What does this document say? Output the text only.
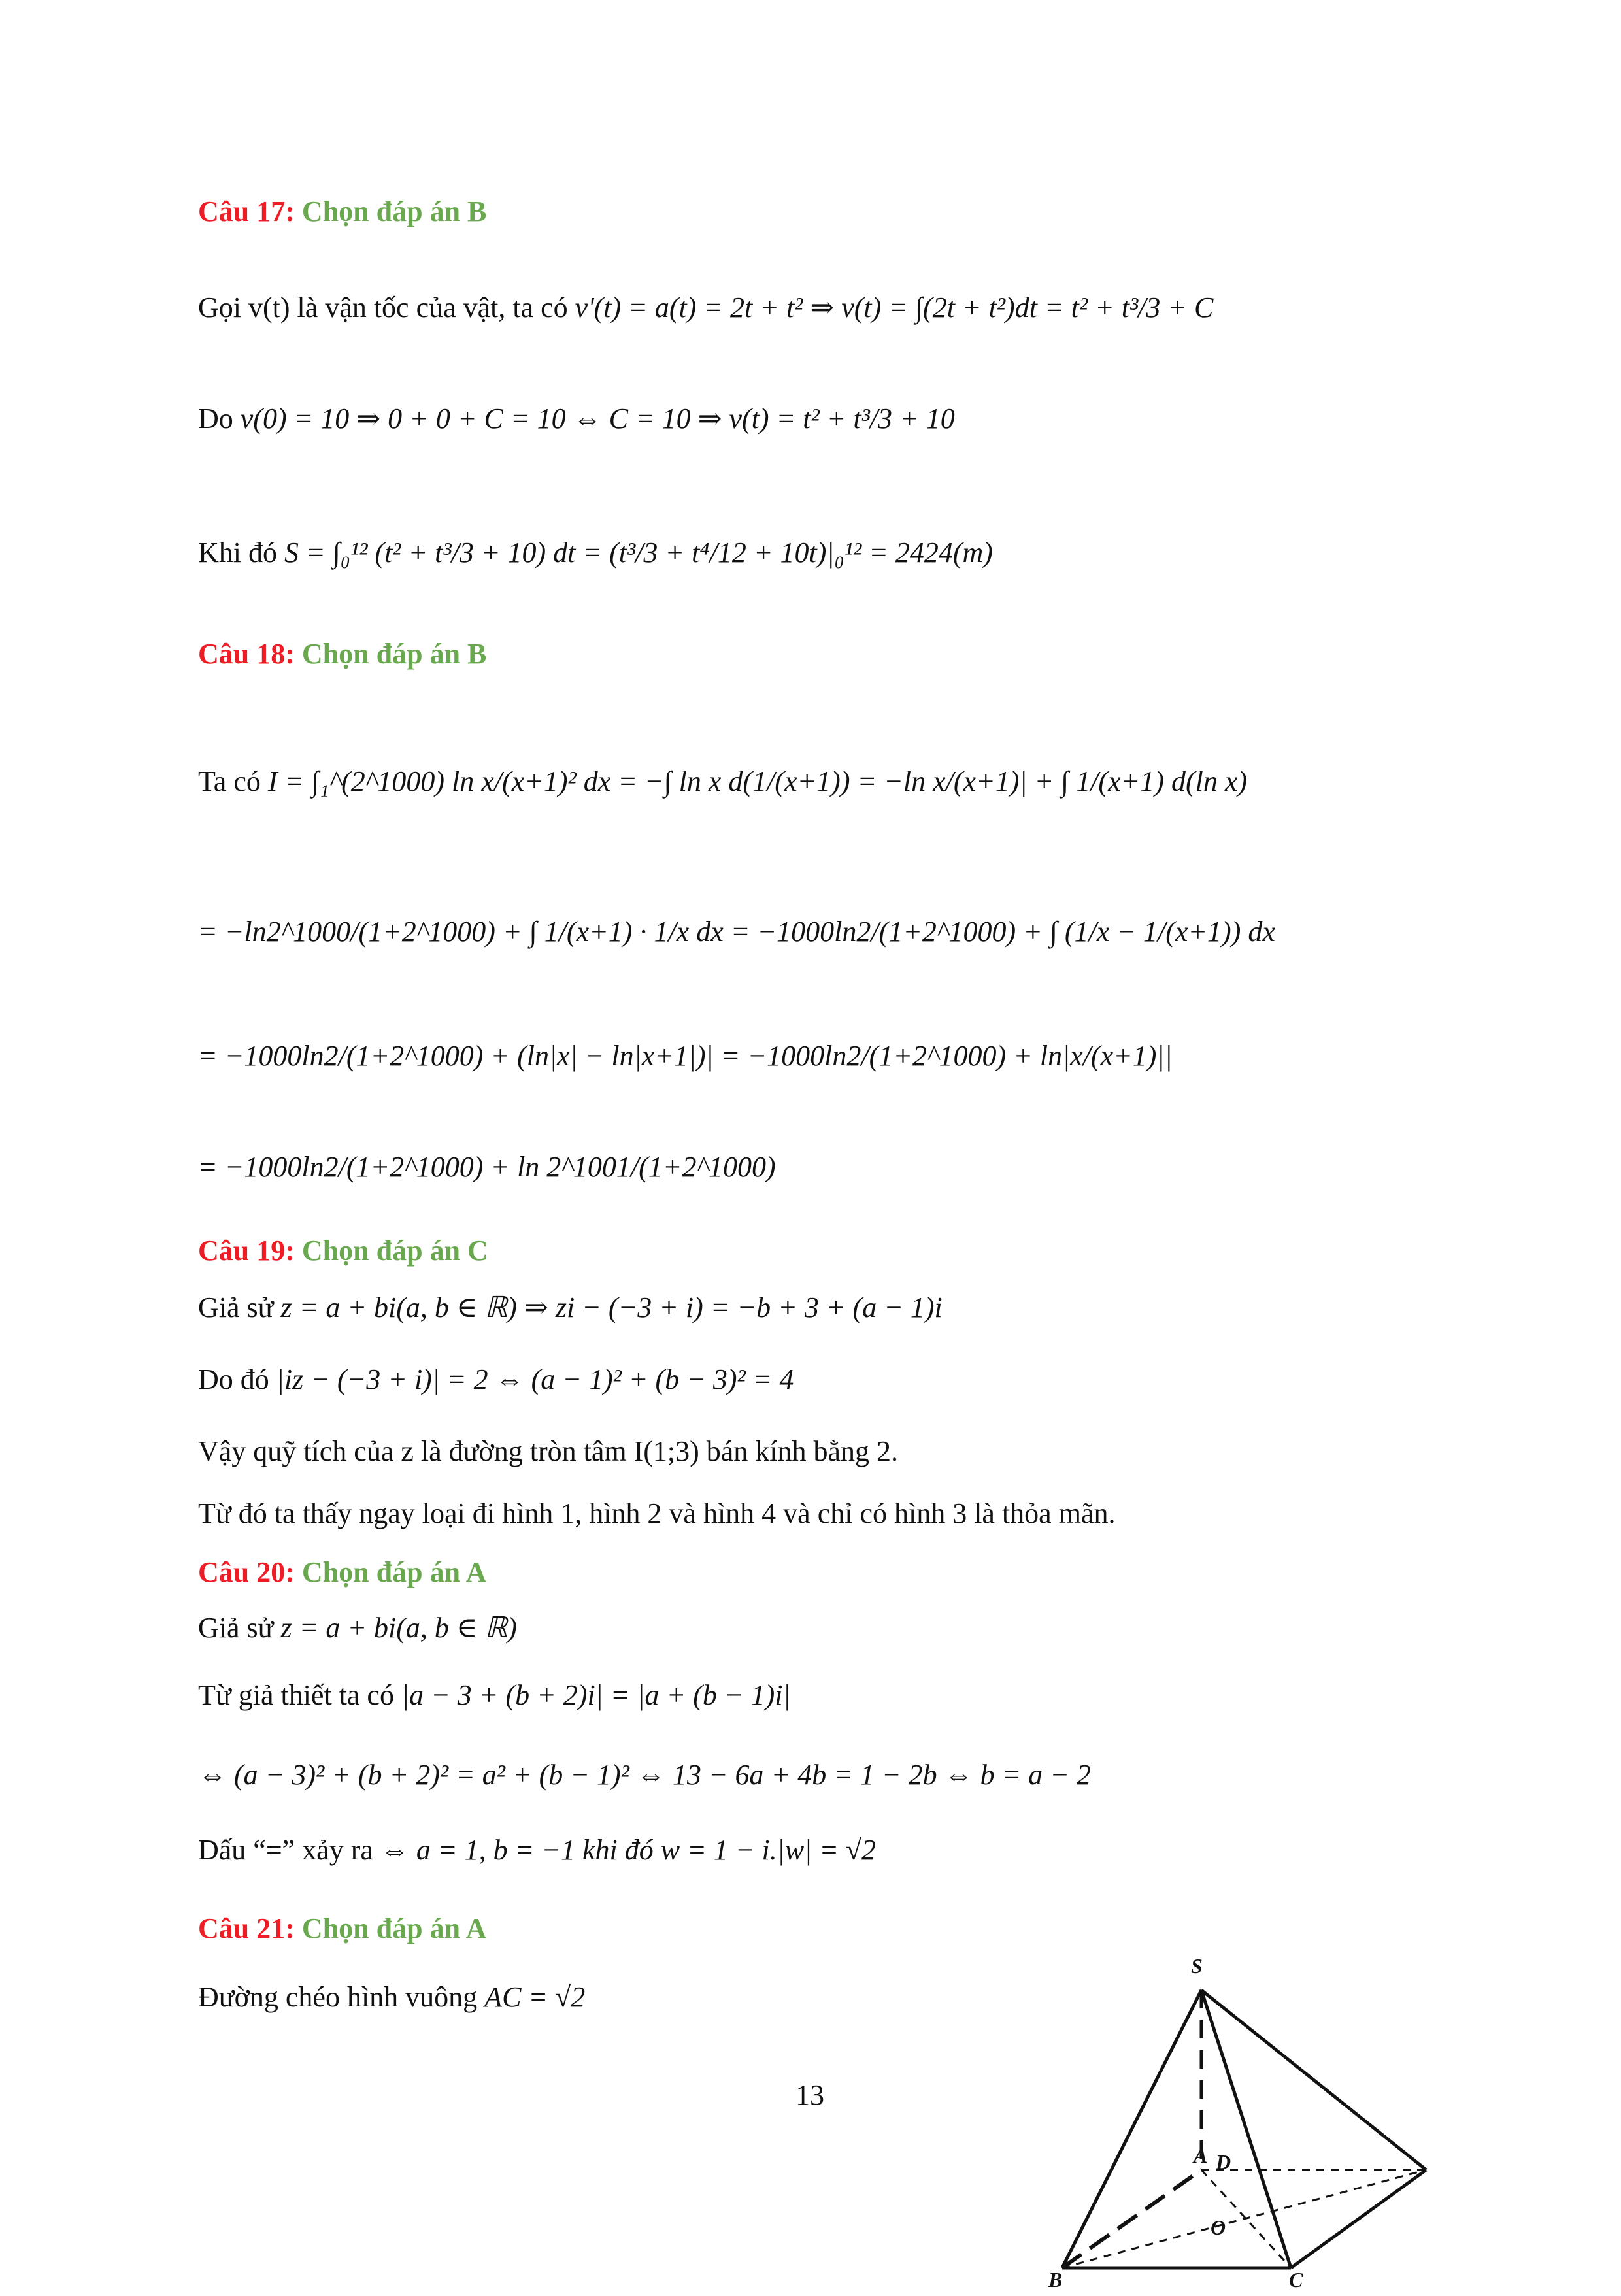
Câu 17: Chọn đáp án B
Gọi v(t) là vận tốc của vật, ta có v'(t) = a(t) = 2t + t² ⇒ v(t) = ∫(2t + t²)dt = t² + t³/3 + C
Do v(0) = 10 ⇒ 0 + 0 + C = 10 ⇔ C = 10 ⇒ v(t) = t² + t³/3 + 10
Khi đó S = ∫₀¹² (t² + t³/3 + 10) dt = (t³/3 + t⁴/12 + 10t)|₀¹² = 2424(m)
Câu 18: Chọn đáp án B
Ta có I = ∫₁^(2^1000) ln x/(x+1)² dx = −∫ ln x d(1/(x+1)) = −ln x/(x+1)| + ∫ 1/(x+1) d(ln x)
= −ln2^1000/(1+2^1000) + ∫ 1/(x+1) · 1/x dx = −1000ln2/(1+2^1000) + ∫ (1/x − 1/(x+1)) dx
= −1000ln2/(1+2^1000) + (ln|x| − ln|x+1|)| = −1000ln2/(1+2^1000) + ln|x/(x+1)||
= −1000ln2/(1+2^1000) + ln 2^1001/(1+2^1000)
Câu 19: Chọn đáp án C
Giả sử z = a + bi(a, b ∈ ℝ) ⇒ zi − (−3 + i) = −b + 3 + (a − 1)i
Do đó |iz − (−3 + i)| = 2 ⇔ (a − 1)² + (b − 3)² = 4
Vậy quỹ tích của z là đường tròn tâm I(1;3) bán kính bằng 2.
Từ đó ta thấy ngay loại đi hình 1, hình 2 và hình 4 và chỉ có hình 3 là thỏa mãn.
Câu 20: Chọn đáp án A
Giả sử z = a + bi(a, b ∈ ℝ)
Từ giả thiết ta có |a − 3 + (b + 2)i| = |a + (b − 1)i|
⇔ (a − 3)² + (b + 2)² = a² + (b − 1)² ⇔ 13 − 6a + 4b = 1 − 2b ⇔ b = a − 2
Dấu “=” xảy ra ⇔ a = 1, b = −1 khi đó w = 1 − i.|w| = √2
Câu 21: Chọn đáp án A
Đường chéo hình vuông AC = √2
13
S
A D
O
B	C
